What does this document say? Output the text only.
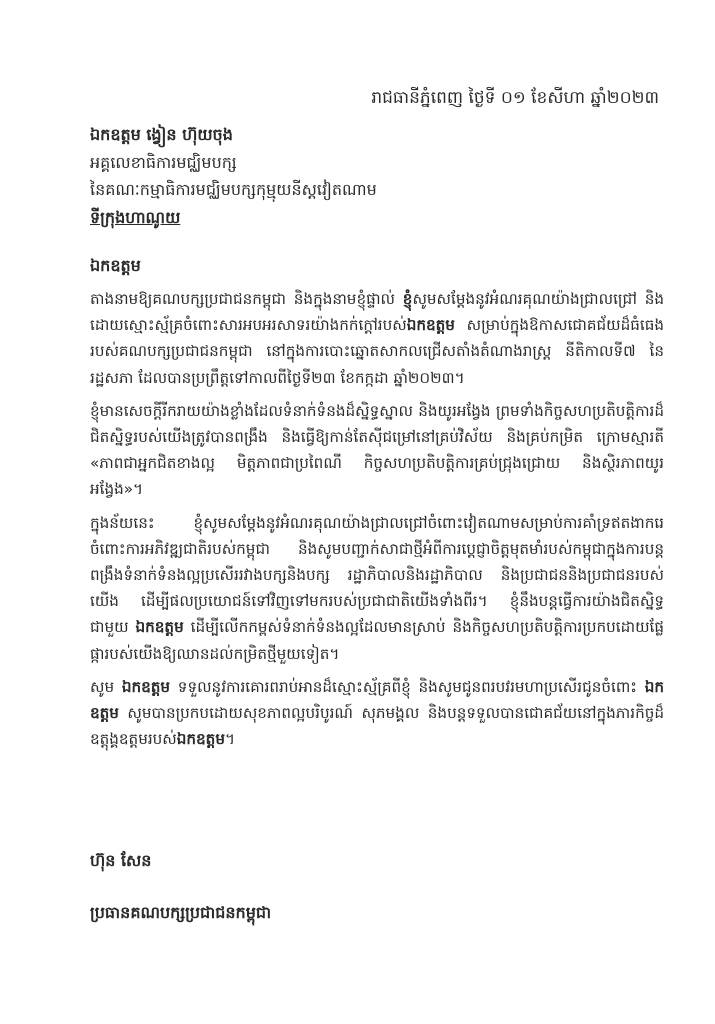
រាជធានីភ្នំពេញ ថ្ងៃទី ០១ ខែសីហា ឆ្នាំ២០២៣
ឯកឧត្តម ង្វៀន ហ៊ុយចុង
អគ្គលេខាធិការមជ្ឈិមបក្ស
នៃគណៈកម្មាធិការមជ្ឈិមបក្សកុម្មុយនីស្តវៀតណាម
ទីក្រុងហាណូយ
ឯកឧត្តម

តាងនាមឱ្យគណបក្សប្រជាជនកម្ពុជា និងក្នុងនាមខ្ញុំផ្ទាល់ ខ្ញុំសូមសម្ដែងនូវអំណរគុណយ៉ាងជ្រាលជ្រៅ និងដោយស្មោះស្ម័គ្រចំពោះសារអបអរសាទរយ៉ាងកក់ក្ដៅរបស់ឯកឧត្តម សម្រាប់ក្នុងឱកាសជោគជ័យដ៏ធំធេងរបស់គណបក្សប្រជាជនកម្ពុជា នៅក្នុងការបោះឆ្នោតសាកលជ្រើសតាំងតំណាងរាស្ត្រ នីតិកាលទី៧ នៃរដ្ឋសភា ដែលបានប្រព្រឹត្តទៅកាលពីថ្ងៃទី២៣ ខែកក្កដា ឆ្នាំ២០២៣។

ខ្ញុំមានសេចក្ដីរីករាយយ៉ាងខ្លាំងដែលទំនាក់ទំនងដ៏ស្និទ្ធស្នាល និងយូរអង្វែង ព្រមទាំងកិច្ចសហប្រតិបត្តិការដ៏ជិតស្និទ្ធរបស់យើងត្រូវបានពង្រឹង និងធ្វើឱ្យកាន់តែស៊ីជម្រៅនៅគ្រប់វិស័យ និងគ្រប់កម្រិត ក្រោមស្មារតី «ភាពជាអ្នកជិតខាងល្អ មិត្តភាពជាប្រពៃណី កិច្ចសហប្រតិបត្តិការគ្រប់ជ្រុងជ្រោយ និងស្ថិរភាពយូរអង្វែង»។

ក្នុងន័យនេះ ខ្ញុំសូមសម្ដែងនូវអំណរគុណយ៉ាងជ្រាលជ្រៅចំពោះវៀតណាមសម្រាប់ការគាំទ្រឥតងាករេចំពោះការអភិវឌ្ឍជាតិរបស់កម្ពុជា និងសូមបញ្ជាក់សាជាថ្មីអំពីការប្ដេជ្ញាចិត្តមុតមាំរបស់កម្ពុជាក្នុងការបន្តពង្រឹងទំនាក់ទំនងល្អប្រសើររវាងបក្សនិងបក្ស រដ្ឋាភិបាលនិងរដ្ឋាភិបាល និងប្រជាជននិងប្រជាជនរបស់យើង ដើម្បីផលប្រយោជន៍ទៅវិញទៅមករបស់ប្រជាជាតិយើងទាំងពីរ។ ខ្ញុំនឹងបន្តធ្វើការយ៉ាងជិតស្និទ្ធជាមួយ ឯកឧត្តម ដើម្បីលើកកម្ពស់ទំនាក់ទំនងល្អដែលមានស្រាប់ និងកិច្ចសហប្រតិបត្តិការប្រកបដោយផ្លែផ្ការបស់យើងឱ្យឈានដល់កម្រិតថ្មីមួយទៀត។

សូម ឯកឧត្តម ទទួលនូវការគោរពរាប់អានដ៏ស្មោះស្ម័គ្រពីខ្ញុំ និងសូមជូនពរបវរមហាប្រសើរជូនចំពោះ ឯកឧត្តម សូមបានប្រកបដោយសុខភាពល្អបរិបូរណ៍ សុភមង្គល និងបន្តទទួលបានជោគជ័យនៅក្នុងភារកិច្ចដ៏ឧត្ដុង្គឧត្ដមរបស់ឯកឧត្តម។

ហ៊ុន សែន
ប្រធានគណបក្សប្រជាជនកម្ពុជា
